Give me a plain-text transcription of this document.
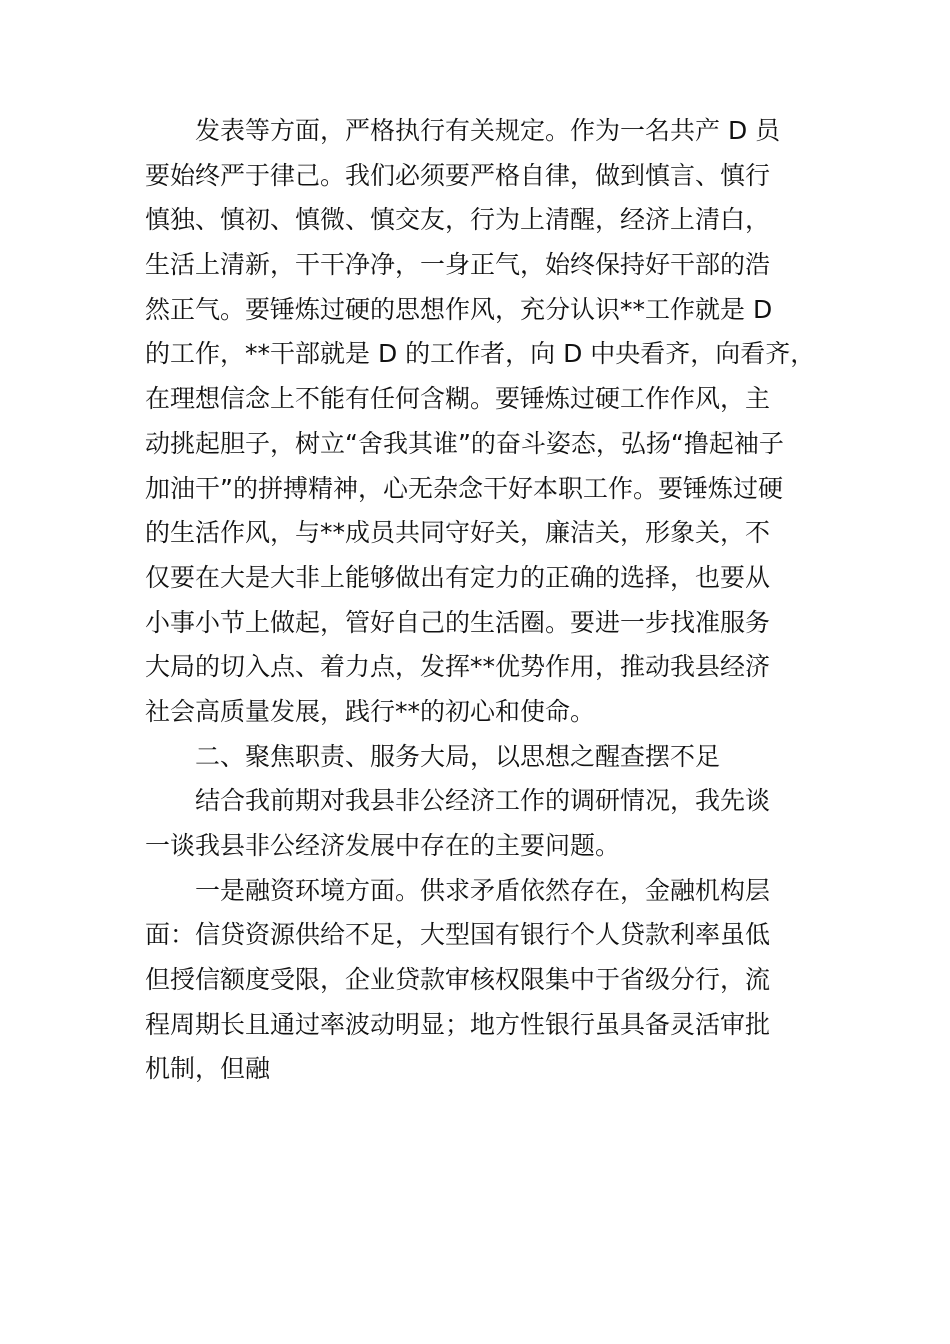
发表等方面，严格执行有关规定。作为一名共产 D 员
要始终严于律己。我们必须要严格自律，做到慎言、慎行
慎独、慎初、慎微、慎交友，行为上清醒，经济上清白，
生活上清新，干干净净，一身正气，始终保持好干部的浩
然正气。要锤炼过硬的思想作风，充分认识**工作就是 D
的工作，**干部就是 D 的工作者，向 D 中央看齐，向看齐，
在理想信念上不能有任何含糊。要锤炼过硬工作作风，主
动挑起胆子，树立“舍我其谁”的奋斗姿态，弘扬“撸起袖子
加油干”的拼搏精神，心无杂念干好本职工作。要锤炼过硬
的生活作风，与**成员共同守好关，廉洁关，形象关，不
仅要在大是大非上能够做出有定力的正确的选择，也要从
小事小节上做起，管好自己的生活圈。要进一步找准服务
大局的切入点、着力点，发挥**优势作用，推动我县经济
社会高质量发展，践行**的初心和使命。
二、聚焦职责、服务大局，以思想之醒查摆不足
结合我前期对我县非公经济工作的调研情况，我先谈
一谈我县非公经济发展中存在的主要问题。
一是融资环境方面。供求矛盾依然存在，金融机构层
面：信贷资源供给不足，大型国有银行个人贷款利率虽低
但授信额度受限，企业贷款审核权限集中于省级分行，流
程周期长且通过率波动明显；地方性银行虽具备灵活审批
机制，但融
